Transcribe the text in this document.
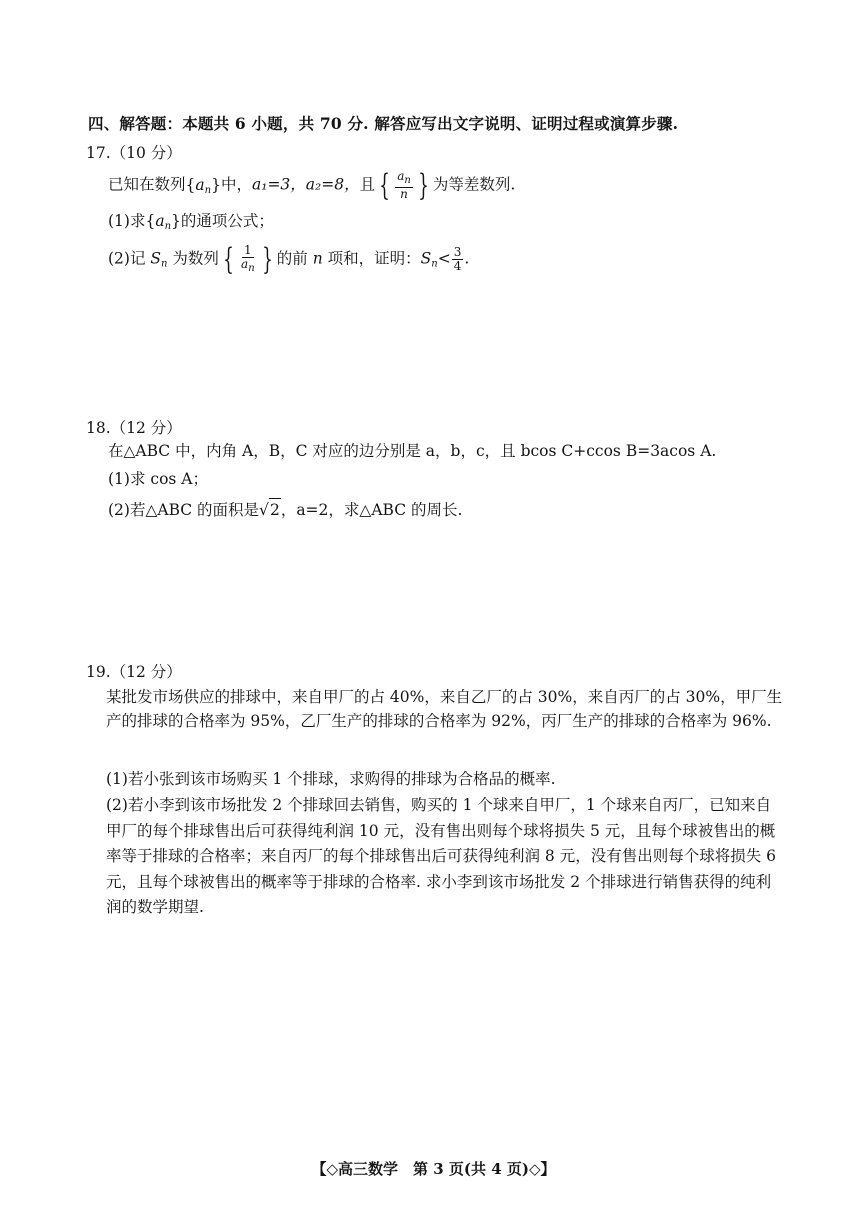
四、解答题：本题共 6 小题，共 70 分. 解答应写出文字说明、证明过程或演算步骤.
17.（10 分）
已知在数列$\{a_n\}$中，a₁=3，a₂=8，且 { $\frac{a_n}{n}$ } 为等差数列.
(1)求$\{a_n\}$的通项公式；
(2)记 $S_n$ 为数列 { $\frac{1}{a_n}$ } 的前 n 项和，证明：$S_n< \frac{3}{4}$ .
18.（12 分）
在△ABC 中，内角 A，B，C 对应的边分别是 a，b，c，且 bcos C+ccos B=3acos A.
(1)求 cos A；
(2)若△ABC 的面积是√2，a=2，求△ABC 的周长.
19.（12 分）
某批发市场供应的排球中，来自甲厂的占 40%，来自乙厂的占 30%，来自丙厂的占 30%，甲厂生产的排球的合格率为 95%，乙厂生产的排球的合格率为 92%，丙厂生产的排球的合格率为 96%.
(1)若小张到该市场购买 1 个排球，求购得的排球为合格品的概率.
(2)若小李到该市场批发 2 个排球回去销售，购买的 1 个球来自甲厂，1 个球来自丙厂，已知来自甲厂的每个排球售出后可获得纯利润 10 元，没有售出则每个球将损失 5 元，且每个球被售出的概率等于排球的合格率；来自丙厂的每个排球售出后可获得纯利润 8 元，没有售出则每个球将损失 6 元，且每个球被售出的概率等于排球的合格率. 求小李到该市场批发 2 个排球进行销售获得的纯利润的数学期望.
【◇高三数学　第 3 页(共 4 页)◇】
